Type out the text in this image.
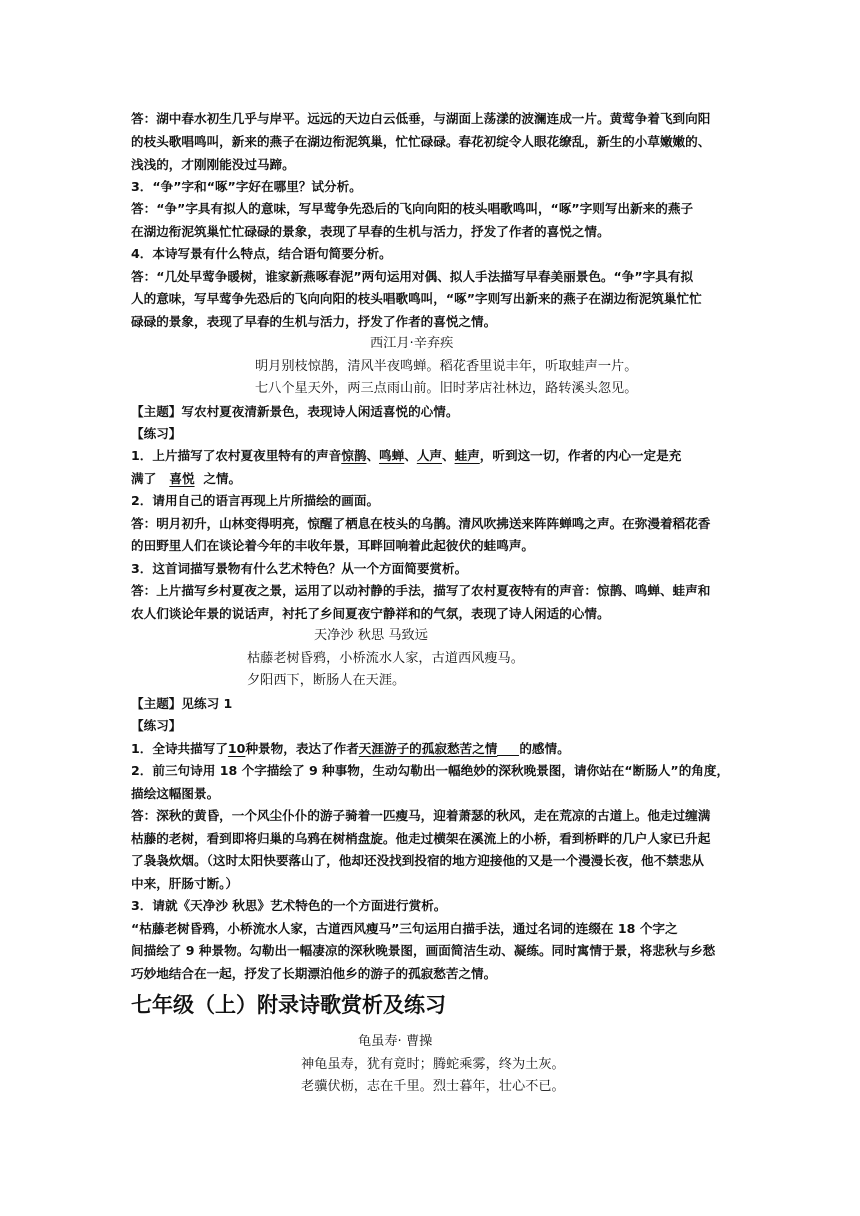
答：湖中春水初生几乎与岸平。远远的天边白云低垂，与湖面上荡漾的波澜连成一片。黄莺争着飞到向阳
的枝头歌唱鸣叫，新来的燕子在湖边衔泥筑巢，忙忙碌碌。春花初绽令人眼花缭乱，新生的小草嫩嫩的、
浅浅的，才刚刚能没过马蹄。
3．“争”字和“啄”字好在哪里？试分析。
答：“争”字具有拟人的意味，写早莺争先恐后的飞向向阳的枝头唱歌鸣叫，“啄”字则写出新来的燕子
在湖边衔泥筑巢忙忙碌碌的景象，表现了早春的生机与活力，抒发了作者的喜悦之情。
4．本诗写景有什么特点，结合语句简要分析。
答：“几处早莺争暖树，谁家新燕啄春泥”两句运用对偶、拟人手法描写早春美丽景色。“争”字具有拟
人的意味，写早莺争先恐后的飞向向阳的枝头唱歌鸣叫，“啄”字则写出新来的燕子在湖边衔泥筑巢忙忙
碌碌的景象，表现了早春的生机与活力，抒发了作者的喜悦之情。
西江月·辛弃疾
明月别枝惊鹊，清风半夜鸣蝉。稻花香里说丰年，听取蛙声一片。
七八个星天外，两三点雨山前。旧时茅店社林边，路转溪头忽见。
【主题】写农村夏夜清新景色，表现诗人闲适喜悦的心情。
【练习】
1．上片描写了农村夏夜里特有的声音惊鹊、鸣蝉、人声、蛙声，听到这一切，作者的内心一定是充
满了 喜悦 之情。
2．请用自己的语言再现上片所描绘的画面。
答：明月初升，山林变得明亮，惊醒了栖息在枝头的乌鹊。清风吹拂送来阵阵蝉鸣之声。在弥漫着稻花香
的田野里人们在谈论着今年的丰收年景，耳畔回响着此起彼伏的蛙鸣声。
3．这首词描写景物有什么艺术特色？从一个方面简要赏析。
答：上片描写乡村夏夜之景，运用了以动衬静的手法，描写了农村夏夜特有的声音：惊鹊、鸣蝉、蛙声和
农人们谈论年景的说话声，衬托了乡间夏夜宁静祥和的气氛，表现了诗人闲适的心情。
天净沙 秋思 马致远
枯藤老树昏鸦，小桥流水人家，古道西风瘦马。
夕阳西下，断肠人在天涯。
【主题】见练习 1
【练习】
1．全诗共描写了10种景物，表达了作者天涯游子的孤寂愁苦之情 的感情。
2．前三句诗用 18 个字描绘了 9 种事物，生动勾勒出一幅绝妙的深秋晚景图，请你站在“断肠人”的角度，
描绘这幅图景。
答：深秋的黄昏，一个风尘仆仆的游子骑着一匹瘦马，迎着萧瑟的秋风，走在荒凉的古道上。他走过缠满
枯藤的老树，看到即将归巢的乌鸦在树梢盘旋。他走过横架在溪流上的小桥，看到桥畔的几户人家已升起
了袅袅炊烟。（这时太阳快要落山了，他却还没找到投宿的地方迎接他的又是一个漫漫长夜，他不禁悲从
中来，肝肠寸断。）
3．请就《天净沙 秋思》艺术特色的一个方面进行赏析。
“枯藤老树昏鸦，小桥流水人家，古道西风瘦马”三句运用白描手法，通过名词的连缀在 18 个字之
间描绘了 9 种景物。勾勒出一幅凄凉的深秋晚景图，画面简洁生动、凝练。同时寓情于景，将悲秋与乡愁
巧妙地结合在一起，抒发了长期漂泊他乡的游子的孤寂愁苦之情。
七年级（上）附录诗歌赏析及练习
龟虽寿· 曹操
神龟虽寿，犹有竟时；腾蛇乘雾，终为土灰。
老骥伏枥，志在千里。烈士暮年，壮心不已。
